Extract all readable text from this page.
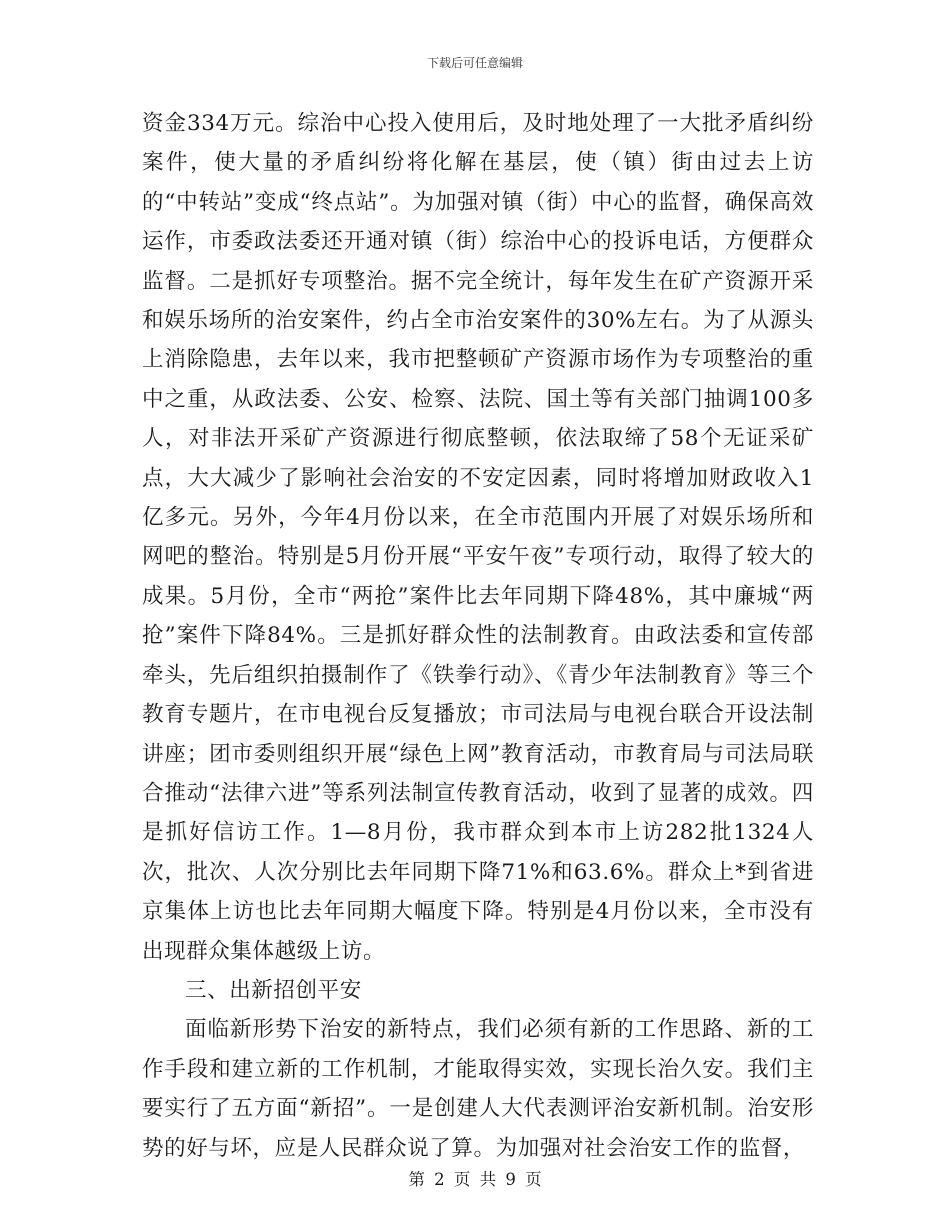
下载后可任意编辑

资金334万元。综治中心投入使用后，及时地处理了一大批矛盾纠纷案件，使大量的矛盾纠纷将化解在基层，使（镇）街由过去上访的“中转站”变成“终点站”。为加强对镇（街）中心的监督，确保高效运作，市委政法委还开通对镇（街）综治中心的投诉电话，方便群众监督。二是抓好专项整治。据不完全统计，每年发生在矿产资源开采和娱乐场所的治安案件，约占全市治安案件的30%左右。为了从源头上消除隐患，去年以来，我市把整顿矿产资源市场作为专项整治的重中之重，从政法委、公安、检察、法院、国土等有关部门抽调100多人，对非法开采矿产资源进行彻底整顿，依法取缔了58个无证采矿点，大大减少了影响社会治安的不安定因素，同时将增加财政收入1亿多元。另外，今年4月份以来，在全市范围内开展了对娱乐场所和网吧的整治。特别是5月份开展“平安午夜”专项行动，取得了较大的成果。5月份，全市“两抢”案件比去年同期下降48%，其中廉城“两抢”案件下降84%。三是抓好群众性的法制教育。由政法委和宣传部牵头，先后组织拍摄制作了《铁拳行动》、《青少年法制教育》等三个教育专题片，在市电视台反复播放；市司法局与电视台联合开设法制讲座；团市委则组织开展“绿色上网”教育活动，市教育局与司法局联合推动“法律六进”等系列法制宣传教育活动，收到了显著的成效。四是抓好信访工作。1—8月份，我市群众到本市上访282批1324人次，批次、人次分别比去年同期下降71%和63.6%。群众上*到省进京集体上访也比去年同期大幅度下降。特别是4月份以来，全市没有出现群众集体越级上访。

三、出新招创平安

面临新形势下治安的新特点，我们必须有新的工作思路、新的工作手段和建立新的工作机制，才能取得实效，实现长治久安。我们主要实行了五方面“新招”。一是创建人大代表测评治安新机制。治安形势的好与坏，应是人民群众说了算。为加强对社会治安工作的监督，

第 2 页 共 9 页
